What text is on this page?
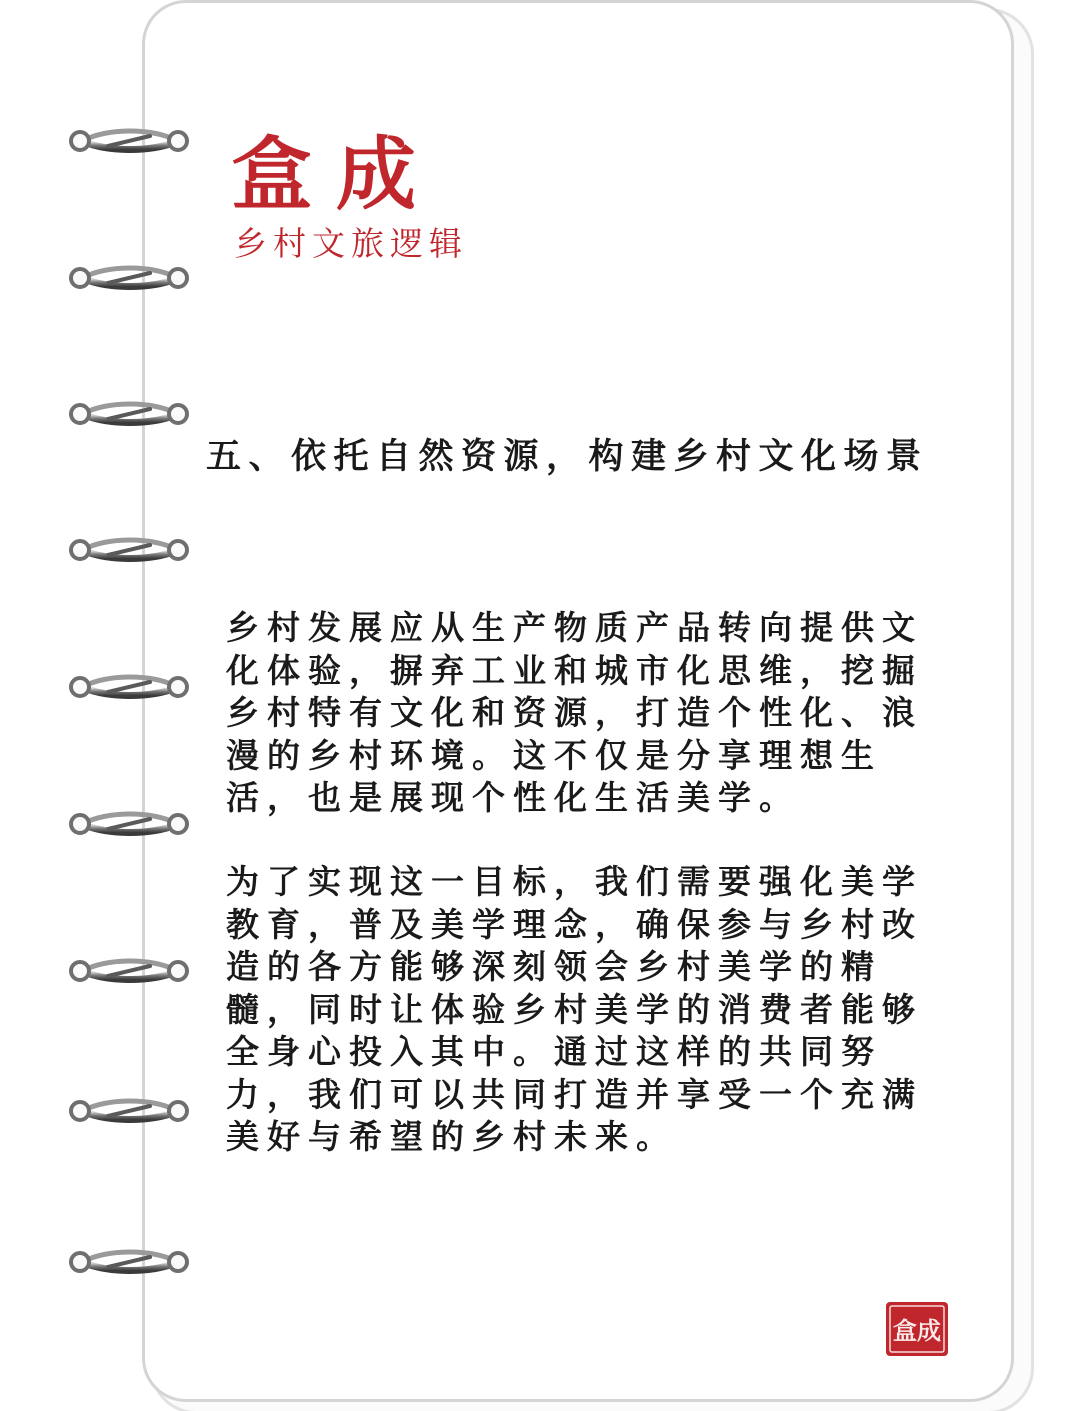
盒成
乡村文旅逻辑
五、依托自然资源，构建乡村文化场景

乡村发展应从生产物质产品转向提供文化体验，摒弃工业和城市化思维，挖掘乡村特有文化和资源，打造个性化、浪漫的乡村环境。这不仅是分享理想生活，也是展现个性化生活美学。

为了实现这一目标，我们需要强化美学教育，普及美学理念，确保参与乡村改造的各方能够深刻领会乡村美学的精髓，同时让体验乡村美学的消费者能够全身心投入其中。通过这样的共同努力，我们可以共同打造并享受一个充满美好与希望的乡村未来。

盒成
